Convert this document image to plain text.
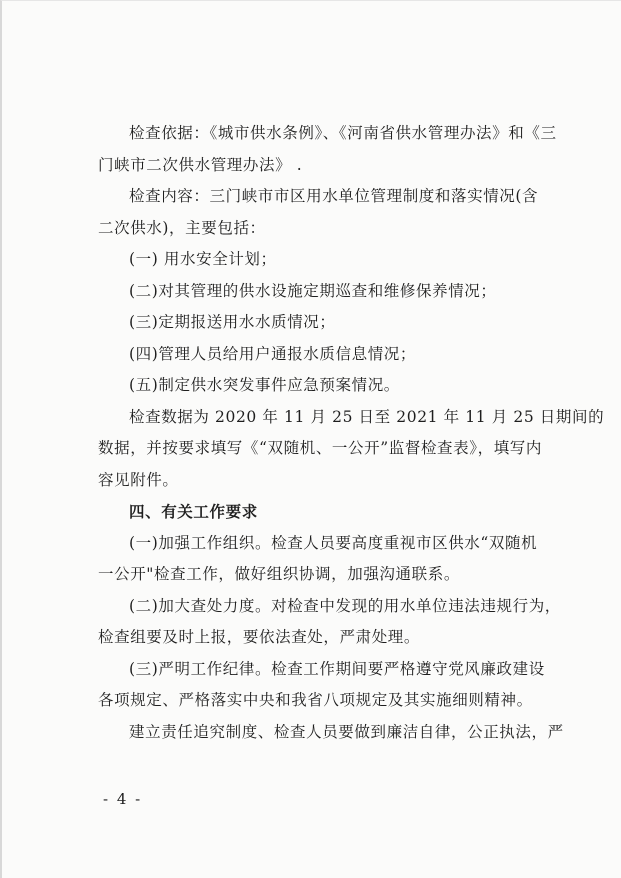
检查依据：《城市供水条例》、《河南省供水管理办法》和《三
门峡市二次供水管理办法》 .
检查内容：三门峡市市区用水单位管理制度和落实情况(含
二次供水)，主要包括：
(一) 用水安全计划；
(二)对其管理的供水设施定期巡查和维修保养情况；
(三)定期报送用水水质情况；
(四)管理人员给用户通报水质信息情况；
(五)制定供水突发事件应急预案情况。
检查数据为 2020 年 11 月 25 日至 2021 年 11 月 25 日期间的
数据，并按要求填写《“双随机、一公开”监督检查表》，填写内
容见附件。
四、有关工作要求
(一)加强工作组织。检查人员要高度重视市区供水“双随机
一公开"检查工作，做好组织协调，加强沟通联系。
(二)加大查处力度。对检查中发现的用水单位违法违规行为，
检查组要及时上报，要依法查处，严肃处理。
(三)严明工作纪律。检查工作期间要严格遵守党风廉政建设
各项规定、严格落实中央和我省八项规定及其实施细则精神。
建立责任追究制度、检查人员要做到廉洁自律，公正执法，严
- 4 -
